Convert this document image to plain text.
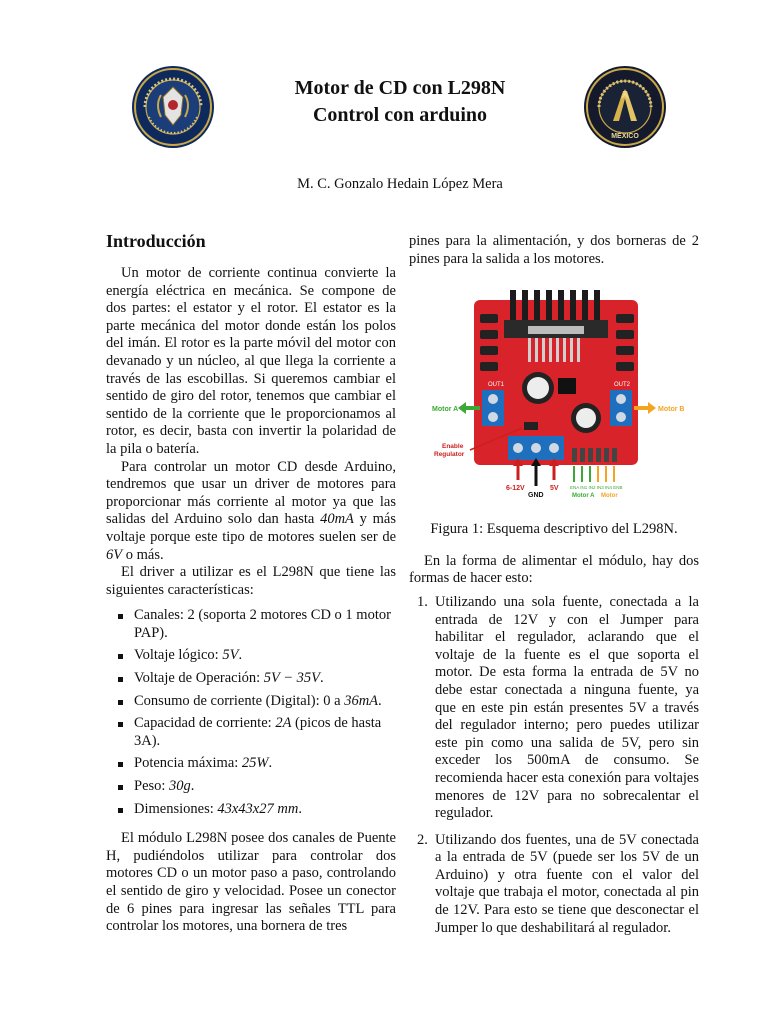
Motor de CD con L298N
Control con arduino
MÉXICO
M. C. Gonzalo Hedain López Mera
Introducción

Un motor de corriente continua convierte la energía eléctrica en mecánica. Se compone de dos partes: el estator y el rotor. El estator es la parte mecánica del motor donde están los polos del imán. El rotor es la parte móvil del motor con devanado y un núcleo, al que llega la corriente a través de las escobillas. Si queremos cambiar el sentido de giro del rotor, tenemos que cambiar el sentido de la corriente que le proporcionamos al rotor, es decir, basta con invertir la polaridad de la pila o batería.

Para controlar un motor CD desde Arduino, tendremos que usar un driver de motores para proporcionar más corriente al motor ya que las salidas del Arduino solo dan hasta 40mA y más voltaje porque este tipo de motores suelen ser de 6V o más.

El driver a utilizar es el L298N que tiene las siguientes características:

Canales: 2 (soporta 2 motores CD o 1 motor PAP).
Voltaje lógico: 5V.
Voltaje de Operación: 5V − 35V.
Consumo de corriente (Digital): 0 a 36mA.
Capacidad de corriente: 2A (picos de hasta 3A).
Potencia máxima: 25W.
Peso: 30g.
Dimensiones: 43x43x27 mm.

El módulo L298N posee dos canales de Puente H, pudiéndolos utilizar para controlar dos motores CD o un motor paso a paso, controlando el sentido de giro y velocidad. Posee un conector de 6 pines para ingresar las señales TTL para controlar los motores, una bornera de tres

pines para la alimentación, y dos borneras de 2 pines para la salida a los motores.

OUT1	OUT2
Motor A	Motor B
Enable
Regulator
6-12V
GND
5V	ENA IN1 IN2 IN3 IN4 ENB
Motor A Motor
Figura 1: Esquema descriptivo del L298N.

En la forma de alimentar el módulo, hay dos formas de hacer esto:

1. Utilizando una sola fuente, conectada a la entrada de 12V y con el Jumper para habilitar el regulador, aclarando que el voltaje de la fuente es el que soporta el motor. De esta forma la entrada de 5V no debe estar conectada a ninguna fuente, ya que en este pin están presentes 5V a través del regulador interno; pero puedes utilizar este pin como una salida de 5V, pero sin exceder los 500mA de consumo. Se recomienda hacer esta conexión para voltajes menores de 12V para no sobrecalentar el regulador.
2. Utilizando dos fuentes, una de 5V conectada a la entrada de 5V (puede ser los 5V de un Arduino) y otra fuente con el valor del voltaje que trabaja el motor, conectada al pin de 12V. Para esto se tiene que desconectar el Jumper lo que deshabilitará al regulador.
